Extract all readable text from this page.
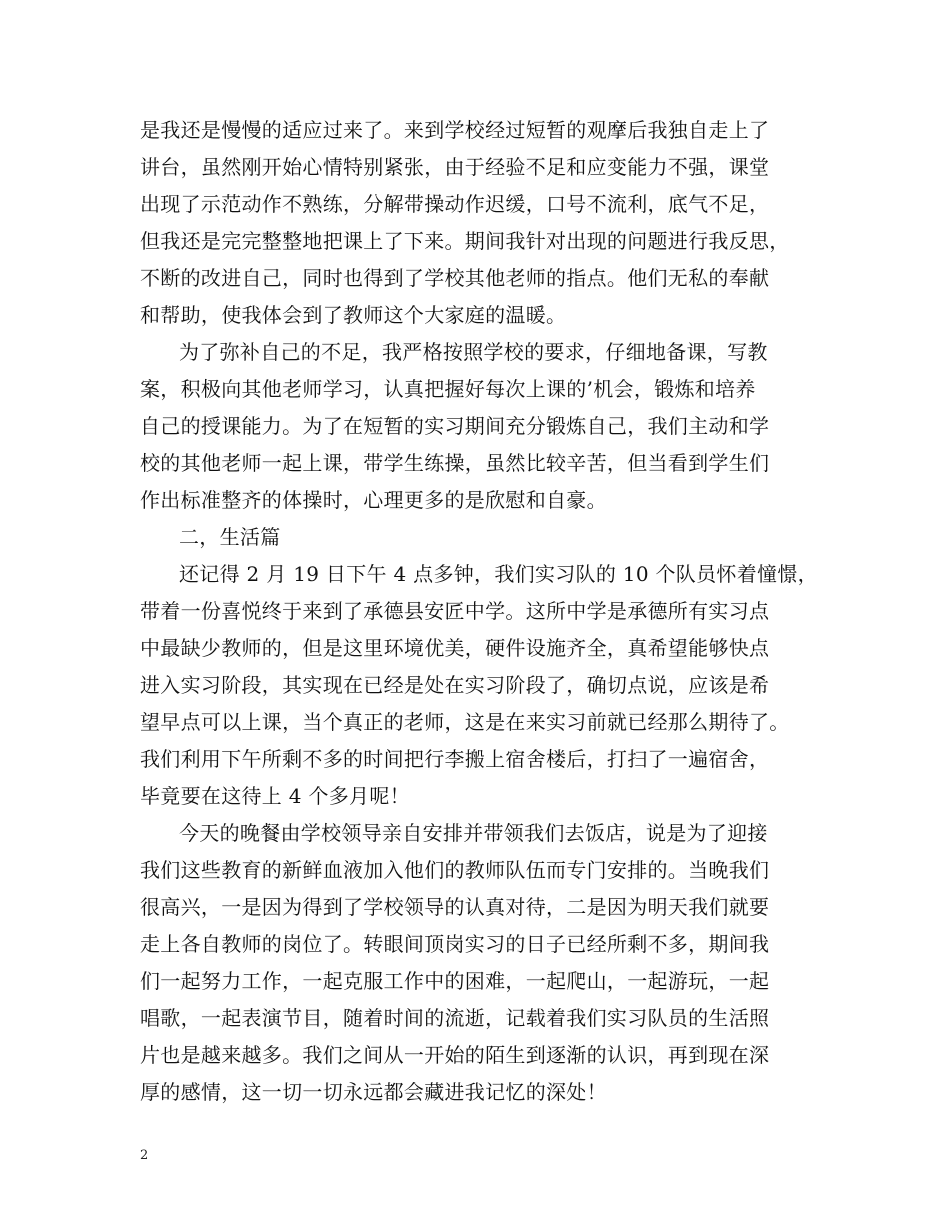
是我还是慢慢的适应过来了。来到学校经过短暂的观摩后我独自走上了
讲台，虽然刚开始心情特别紧张，由于经验不足和应变能力不强，课堂
出现了示范动作不熟练，分解带操动作迟缓，口号不流利，底气不足，
但我还是完完整整地把课上了下来。期间我针对出现的问题进行我反思，
不断的改进自己，同时也得到了学校其他老师的指点。他们无私的奉献
和帮助，使我体会到了教师这个大家庭的温暖。
为了弥补自己的不足，我严格按照学校的要求，仔细地备课，写教
案，积极向其他老师学习，认真把握好每次上课的’机会，锻炼和培养
自己的授课能力。为了在短暂的实习期间充分锻炼自己，我们主动和学
校的其他老师一起上课，带学生练操，虽然比较辛苦，但当看到学生们
作出标准整齐的体操时，心理更多的是欣慰和自豪。
二，生活篇
还记得 2 月 19 日下午 4 点多钟，我们实习队的 10 个队员怀着憧憬，
带着一份喜悦终于来到了承德县安匠中学。这所中学是承德所有实习点
中最缺少教师的，但是这里环境优美，硬件设施齐全，真希望能够快点
进入实习阶段，其实现在已经是处在实习阶段了，确切点说，应该是希
望早点可以上课，当个真正的老师，这是在来实习前就已经那么期待了。
我们利用下午所剩不多的时间把行李搬上宿舍楼后，打扫了一遍宿舍，
毕竟要在这待上 4 个多月呢！
今天的晚餐由学校领导亲自安排并带领我们去饭店，说是为了迎接
我们这些教育的新鲜血液加入他们的教师队伍而专门安排的。当晚我们
很高兴，一是因为得到了学校领导的认真对待，二是因为明天我们就要
走上各自教师的岗位了。转眼间顶岗实习的日子已经所剩不多，期间我
们一起努力工作，一起克服工作中的困难，一起爬山，一起游玩，一起
唱歌，一起表演节目，随着时间的流逝，记载着我们实习队员的生活照
片也是越来越多。我们之间从一开始的陌生到逐渐的认识，再到现在深
厚的感情，这一切一切永远都会藏进我记忆的深处！
2
